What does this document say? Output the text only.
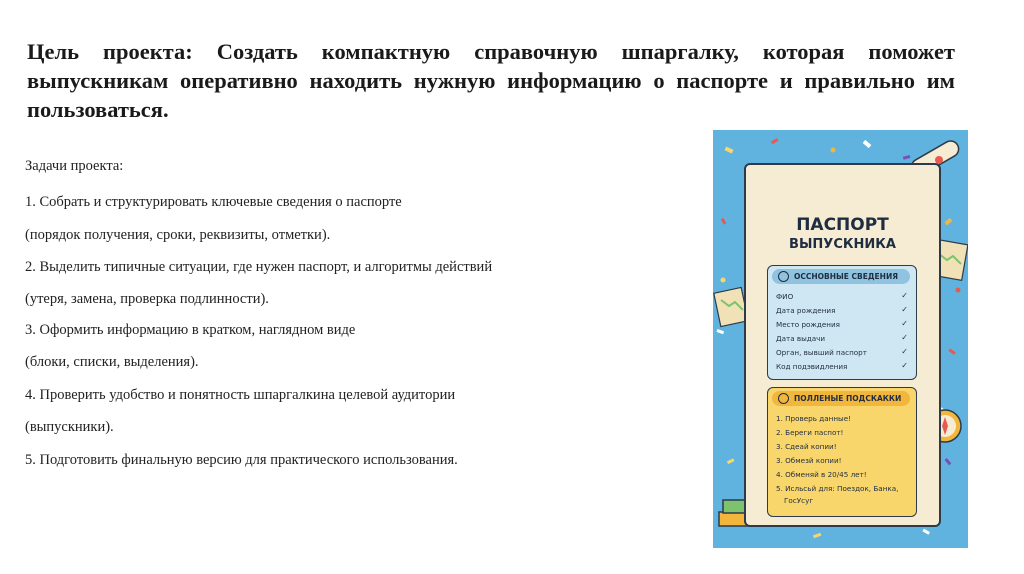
Цель проекта: Создать компактную справочную шпаргалку, которая поможет выпускникам оперативно находить нужную информацию о паспорте и правильно им пользоваться.

Задачи проекта:

1. Собрать и структурировать ключевые сведения о паспорте

(порядок получения, сроки, реквизиты, отметки).

2. Выделить типичные ситуации, где нужен паспорт, и алгоритмы действий

(утеря, замена, проверка подлинности).

3. Оформить информацию в кратком, наглядном виде

(блоки, списки, выделения).

4. Проверить удобство и понятность шпаргалкина целевой аудитории

(выпускники).

5. Подготовить финальную версию для практического использования.

ПАСПОРТ
ВЫПУСКНИКА
ОССНОВНЫЕ СВЕДЕНИЯ
ФИО	✓
Дата рождения	✓
Место рождения	✓
Дата выдачи	✓
Орган, вывший паспорт	✓
Код подэвидления	✓
ПОЛЛЕНЫЕ ПОДСКАККИ
1. Проверь данные!
2. Береги паспот!
3. Сдеай копии!
3. Обмезй копии!
4. Обменяй в 20/45 лет!
5. Исльсьй для: Поездок, Банка,
ГосУсуг
